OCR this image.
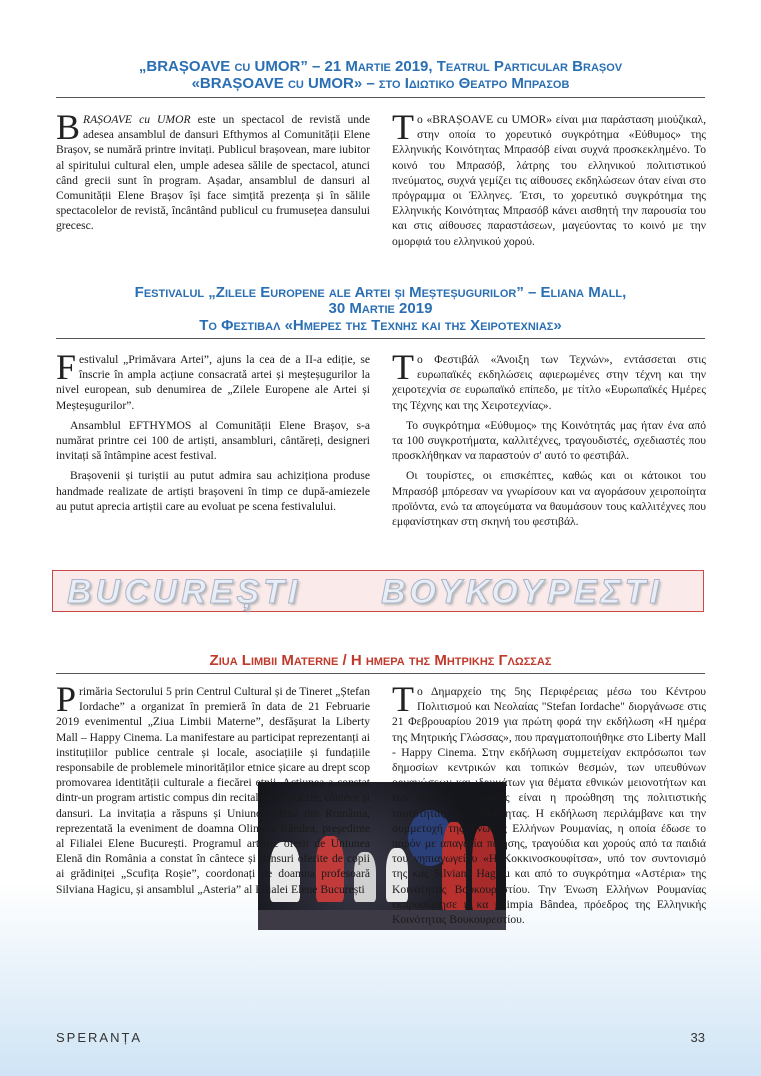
„BRAȘOAVE cu UMOR” – 21 Martie 2019, Teatrul Particular Brașov
«BRAȘOAVE cu UMOR» – στο Ιδιωτικο Θεατρο Μπρασοβ

BRAȘOAVE cu UMOR este un spectacol de revistă unde adesea ansamblul de dansuri Efthymos al Comunității Elene Brașov, se numără printre invitați. Publicul brașovean, mare iubitor al spiritului cultural elen, umple adesea sălile de spectacol, atunci când grecii sunt în program. Așadar, ansamblul de dansuri al Comunității Elene Brașov își face simțită prezența și în sălile spectacolelor de revistă, încântând publicul cu frumusețea dansului grecesc.

Το «BRAȘOAVE cu UMOR» είναι μια παράσταση μιούζικαλ, στην οποία το χορευτικό συγκρότημα «Εύθυμος» της Ελληνικής Κοινότητας Μπρασόβ είναι συχνά προσκεκλημένο. Το κοινό του Μπρασόβ, λάτρης του ελληνικού πολιτιστικού πνεύματος, συχνά γεμίζει τις αίθουσες εκδηλώσεων όταν είναι στο πρόγραμμα οι Έλληνες. Έτσι, το χορευτικό συγκρότημα της Ελληνικής Κοινότητας Μπρασόβ κάνει αισθητή την παρουσία του και στις αίθουσες παραστάσεων, μαγεύοντας το κοινό με την ομορφιά του ελληνικού χορού.

Festivalul „Zilele Europene ale Artei și Meșteșugurilor” – Eliana Mall,
30 Martie 2019
Το Φεστιβαλ «Ημερες της Τεχνης και της Χειροτεχνιας»

Festivalul „Primăvara Artei”, ajuns la cea de a II-a ediție, se înscrie în ampla acțiune consacrată artei și meșteșugurilor la nivel european, sub denumirea de „Zilele Europene ale Artei și Meșteșugurilor”.

Ansamblul EFTHYMOS al Comunității Elene Brașov, s-a numărat printre cei 100 de artiști, ansambluri, cântăreți, designeri invitați să întâmpine acest festival.

Brașovenii și turiștii au putut admira sau achiziționa produse handmade realizate de artiști brașoveni în timp ce după-amiezele au putut aprecia artiștii care au evoluat pe scena festivalului.

Το Φεστιβάλ «Άνοιξη των Τεχνών», εντάσσεται στις ευρωπαϊκές εκδηλώσεις αφιερωμένες στην τέχνη και την χειροτεχνία σε ευρωπαϊκό επίπεδο, με τίτλο «Ευρωπαϊκές Ημέρες της Τέχνης και της Χειροτεχνίας».

Το συγκρότημα «Εύθυμος» της Κοινότητάς μας ήταν ένα από τα 100 συγκροτήματα, καλλιτέχνες, τραγουδιστές, σχεδιαστές που προσκλήθηκαν να παραστούν σ' αυτό το φεστιβάλ.

Οι τουρίστες, οι επισκέπτες, καθώς και οι κάτοικοι του Μπρασόβ μπόρεσαν να γνωρίσουν και να αγοράσουν χειροποίητα προϊόντα, ενώ τα απογεύματα να θαυμάσουν τους καλλιτέχνες που εμφανίστηκαν στη σκηνή του φεστιβάλ.

BUCUREȘTI ΒΟΥΚΟΥΡΕΣΤΙ
Ziua Limbii Materne / Η ημερα της Μητρικης Γλωσσας

Primăria Sectorului 5 prin Centrul Cultural și de Tineret „Ștefan Iordache” a organizat în premieră în data de 21 Februarie 2019 evenimentul „Ziua Limbii Materne”, desfășurat la Liberty Mall – Happy Cinema. La manifestare au participat reprezentanți ai instituțiilor publice centrale și locale, asociațiile și fundațiile responsabile de problemele minorităților etnice șicare au drept scop promovarea identității culturale a fiecărei etnii. Acțiunea a constat dintr-un program artistic compus din recitaluri de poezie, cântece și dansuri. La invitația a răspuns și Uniunea Elenă din România, reprezentată la eveniment de doamna Olimpia Bândea, președinte al Filialei Elene București. Programul artistic oferit de Uniunea Elenă din România a constat în cântece și dansuri oferite de copii ai grădiniței „Scufița Roșie”, coordonați de doamna profesoară Silviana Hagicu, și ansamblul „Asteria” al Filialei Elene București

Το Δημαρχείο της 5ης Περιφέρειας μέσω του Κέντρου Πολιτισμού και Νεολαίας "Stefan Iordache" διοργάνωσε στις 21 Φεβρουαρίου 2019 για πρώτη φορά την εκδήλωση «Η ημέρα της Μητρικής Γλώσσας», που πραγματοποιήθηκε στο Liberty Mall - Happy Cinema. Στην εκδήλωση συμμετείχαν εκπρόσωποι των δημοσίων κεντρικών και τοπικών θεσμών, των υπευθύνων οργανώσεων και ιδρυμάτων για θέματα εθνικών μειονοτήτων και των οποίων ο σκοπός είναι η προώθηση της πολιτιστικής ταυτότητας κάθε εθνότητας. Η εκδήλωση περιλάμβανε και την συμμετοχή της Ένωσης Ελλήνων Ρουμανίας, η οποία έδωσε το παρόν με απαγελία ποίησης, τραγούδια και χορούς από τα παιδιά του νηπιαγωγείου «Η Κοκκινοσκουφίτσα», υπό τον συντονισμό της κας Silviana Hagicu και από το συγκρότημα «Αστέρια» της Κοινότητας Βουκουρεστίου. Την Ένωση Ελλήνων Ρουμανίας εκπροσώπησε η κα Olimpia Bândea, πρόεδρος της Ελληνικής Κοινότητας Βουκουρεστίου.

SPERANȚA	33
